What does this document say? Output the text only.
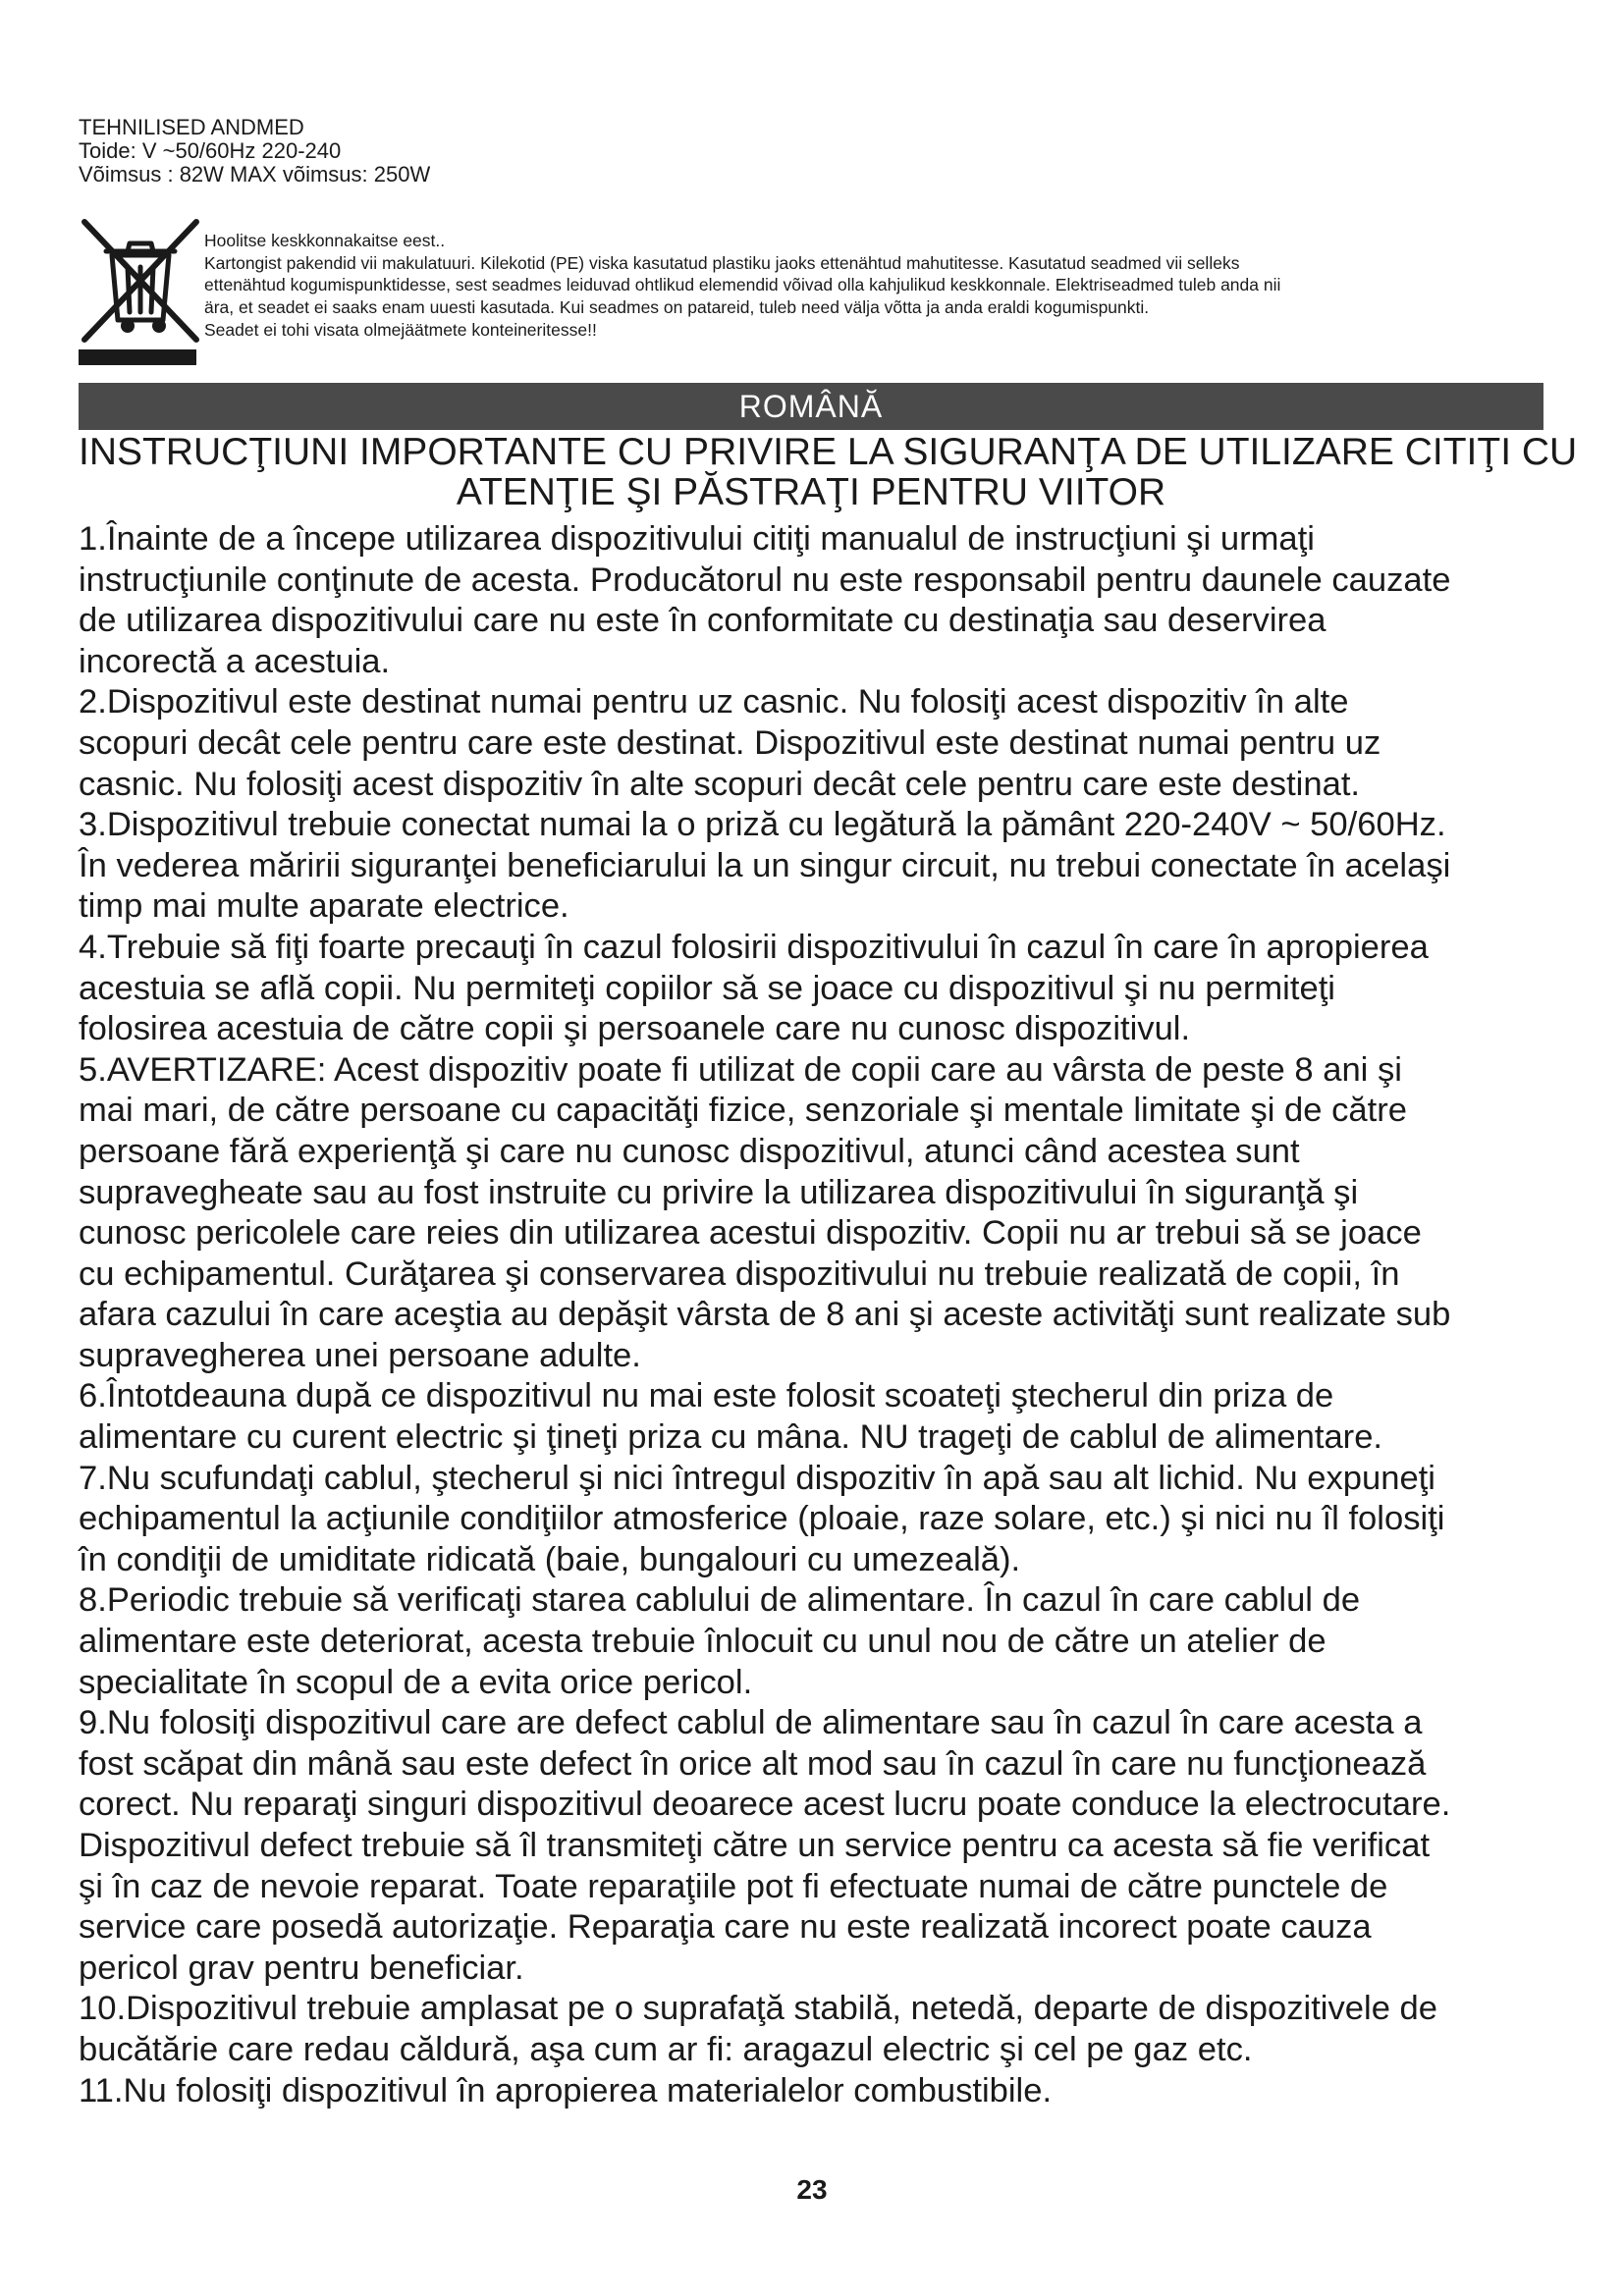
TEHNILISED ANDMED
Toide: V ~50/60Hz 220-240
Võimsus : 82W MAX võimsus: 250W
Hoolitse keskkonnakaitse eest..
Kartongist pakendid vii makulatuuri. Kilekotid (PE) viska kasutatud plastiku jaoks ettenähtud mahutitesse. Kasutatud seadmed vii selleks
ettenähtud kogumispunktidesse, sest seadmes leiduvad ohtlikud elemendid võivad olla kahjulikud keskkonnale. Elektriseadmed tuleb anda nii
ära, et seadet ei saaks enam uuesti kasutada. Kui seadmes on patareid, tuleb need välja võtta ja anda eraldi kogumispunkti.
Seadet ei tohi visata olmejäätmete konteineritesse!!
ROMÂNĂ
INSTRUCŢIUNI IMPORTANTE CU PRIVIRE LA SIGURANŢA DE UTILIZARE CITIŢI CU
ATENŢIE ŞI PĂSTRAŢI PENTRU VIITOR
1.Înainte de a începe utilizarea dispozitivului citiţi manualul de instrucţiuni şi urmaţi
instrucţiunile conţinute de acesta. Producătorul nu este responsabil pentru daunele cauzate
de utilizarea dispozitivului care nu este în conformitate cu destinaţia sau deservirea
incorectă a acestuia.
2.Dispozitivul este destinat numai pentru uz casnic. Nu folosiţi acest dispozitiv în alte
scopuri decât cele pentru care este destinat. Dispozitivul este destinat numai pentru uz
casnic. Nu folosiţi acest dispozitiv în alte scopuri decât cele pentru care este destinat.
3.Dispozitivul trebuie conectat numai la o priză cu legătură la pământ 220-240V ~ 50/60Hz.
În vederea măririi siguranţei beneficiarului la un singur circuit, nu trebui conectate în acelaşi
timp mai multe aparate electrice.
4.Trebuie să fiţi foarte precauţi în cazul folosirii dispozitivului în cazul în care în apropierea
acestuia se află copii. Nu permiteţi copiilor să se joace cu dispozitivul şi nu permiteţi
folosirea acestuia de către copii şi persoanele care nu cunosc dispozitivul.
5.AVERTIZARE: Acest dispozitiv poate fi utilizat de copii care au vârsta de peste 8 ani şi
mai mari, de către persoane cu capacităţi fizice, senzoriale şi mentale limitate şi de către
persoane fără experienţă şi care nu cunosc dispozitivul, atunci când acestea sunt
supravegheate sau au fost instruite cu privire la utilizarea dispozitivului în siguranţă şi
cunosc pericolele care reies din utilizarea acestui dispozitiv. Copii nu ar trebui să se joace
cu echipamentul. Curăţarea şi conservarea dispozitivului nu trebuie realizată de copii, în
afara cazului în care aceştia au depăşit vârsta de 8 ani şi aceste activităţi sunt realizate sub
supravegherea unei persoane adulte.
6.Întotdeauna după ce dispozitivul nu mai este folosit scoateţi ştecherul din priza de
alimentare cu curent electric şi ţineţi priza cu mâna. NU trageţi de cablul de alimentare.
7.Nu scufundaţi cablul, ştecherul şi nici întregul dispozitiv în apă sau alt lichid. Nu expuneţi
echipamentul la acţiunile condiţiilor atmosferice (ploaie, raze solare, etc.) şi nici nu îl folosiţi
în condiţii de umiditate ridicată (baie, bungalouri cu umezeală).
8.Periodic trebuie să verificaţi starea cablului de alimentare. În cazul în care cablul de
alimentare este deteriorat, acesta trebuie înlocuit cu unul nou de către un atelier de
specialitate în scopul de a evita orice pericol.
9.Nu folosiţi dispozitivul care are defect cablul de alimentare sau în cazul în care acesta a
fost scăpat din mână sau este defect în orice alt mod sau în cazul în care nu funcţionează
corect. Nu reparaţi singuri dispozitivul deoarece acest lucru poate conduce la electrocutare.
Dispozitivul defect trebuie să îl transmiteţi către un service pentru ca acesta să fie verificat
şi în caz de nevoie reparat. Toate reparaţiile pot fi efectuate numai de către punctele de
service care posedă autorizaţie. Reparaţia care nu este realizată incorect poate cauza
pericol grav pentru beneficiar.
10.Dispozitivul trebuie amplasat pe o suprafaţă stabilă, netedă, departe de dispozitivele de
bucătărie care redau căldură, aşa cum ar fi: aragazul electric şi cel pe gaz etc.
11.Nu folosiţi dispozitivul în apropierea materialelor combustibile.
23
